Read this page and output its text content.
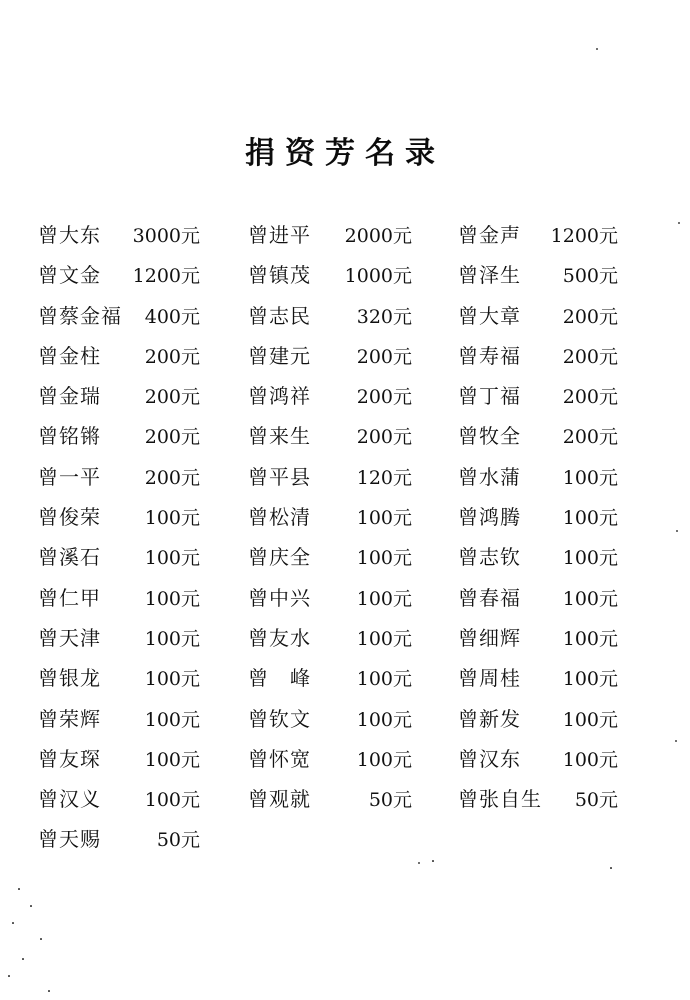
捐资芳名录
曾大东 3000元 曾进平 2000元 曾金声 1200元
曾文金 1200元 曾镇茂 1000元 曾泽生 500元
曾蔡金福 400元 曾志民 320元 曾大章 200元
曾金柱 200元 曾建元 200元 曾寿福 200元
曾金瑞 200元 曾鸿祥 200元 曾丁福 200元
曾铭锵 200元 曾来生 200元 曾牧全 200元
曾一平 200元 曾平县 120元 曾水蒲 100元
曾俊荣 100元 曾松清 100元 曾鸿腾 100元
曾溪石 100元 曾庆全 100元 曾志钦 100元
曾仁甲 100元 曾中兴 100元 曾春福 100元
曾天津 100元 曾友水 100元 曾细辉 100元
曾银龙 100元 曾　峰 100元 曾周桂 100元
曾荣辉 100元 曾钦文 100元 曾新发 100元
曾友琛 100元 曾怀宽 100元 曾汉东 100元
曾汉义 100元 曾观就	50元 曾张自生 50元
曾天赐	50元
